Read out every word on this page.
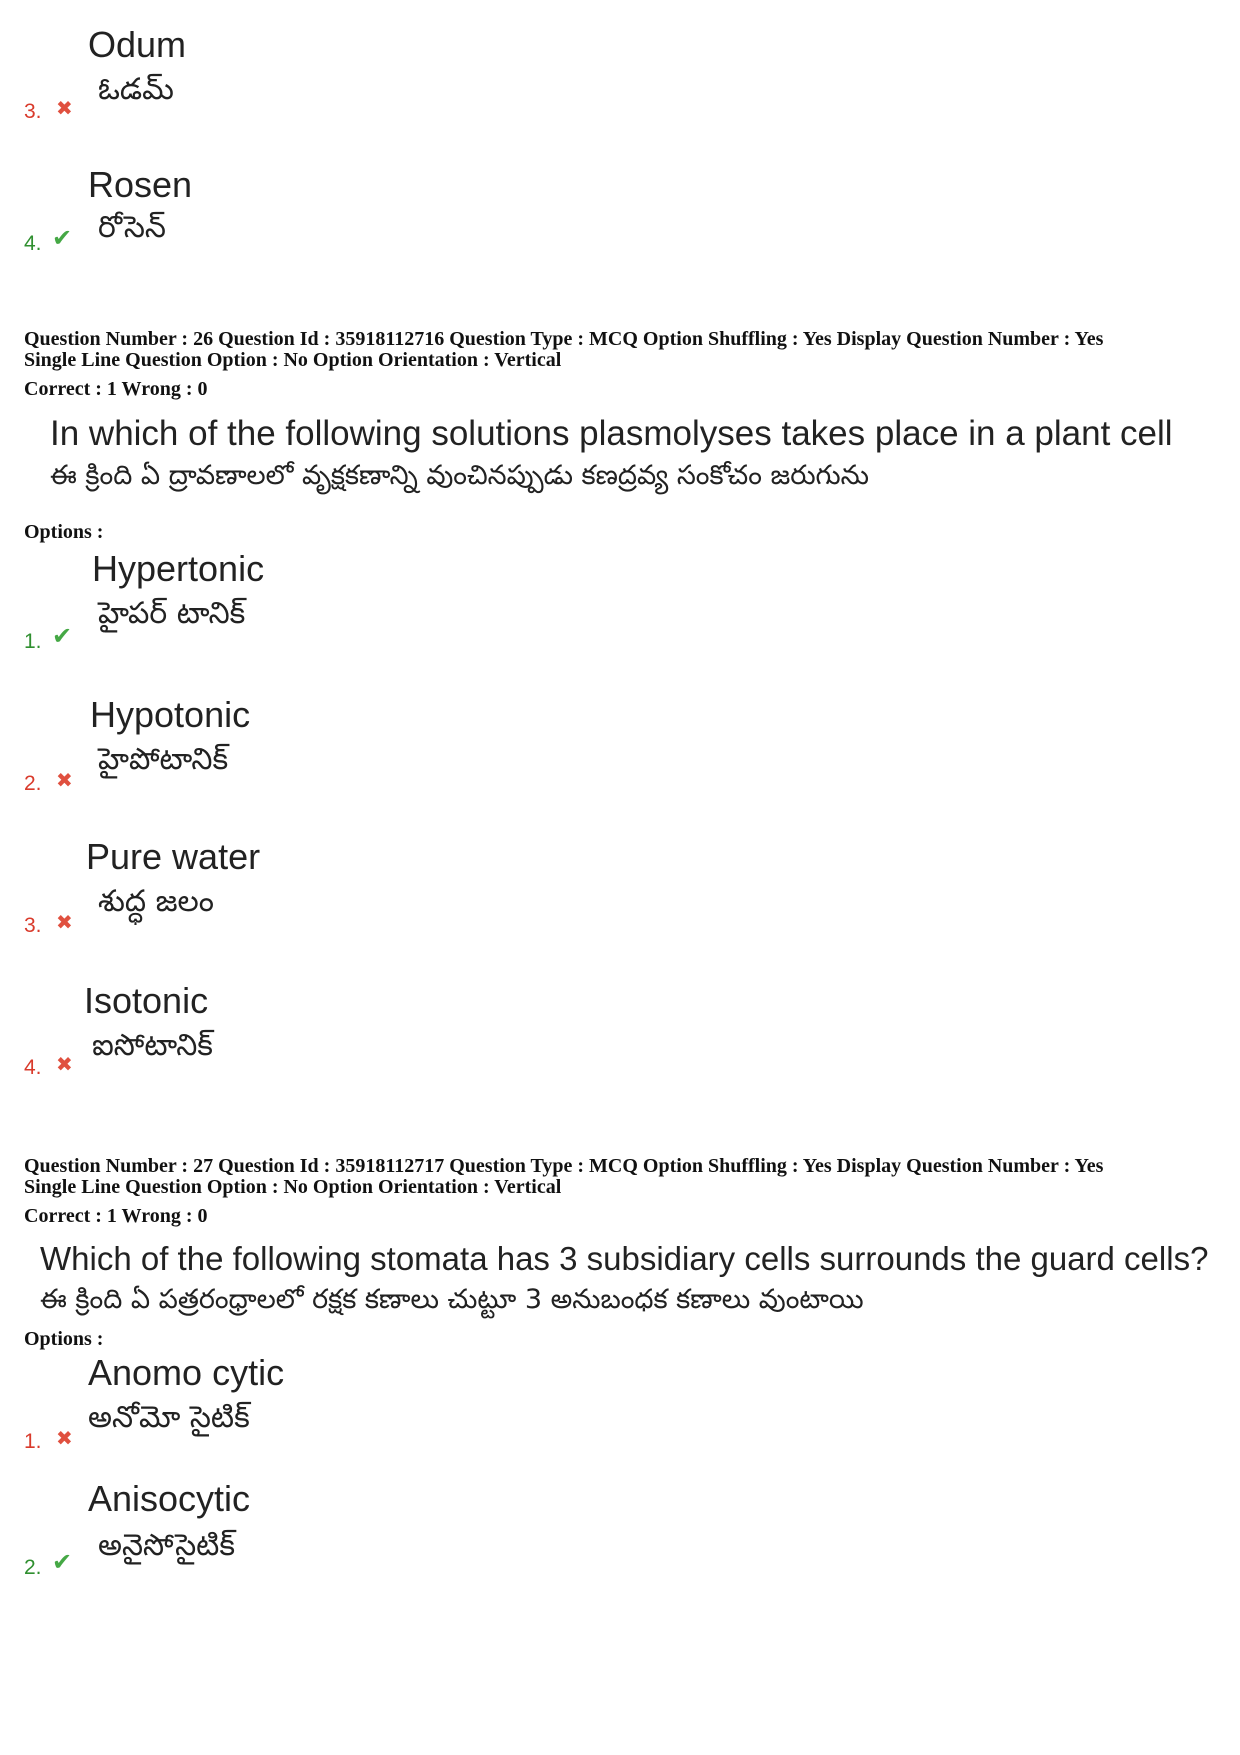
Odum
ఓడమ్
3. ✖
Rosen
రోసెన్
4. ✔
Question Number : 26 Question Id : 35918112716 Question Type : MCQ Option Shuffling : Yes Display Question Number : Yes
Single Line Question Option : No Option Orientation : Vertical
Correct : 1 Wrong : 0
In which of the following solutions plasmolyses takes place in a plant cell
ఈ క్రింది ఏ ద్రావణాలలో వృక్షకణాన్ని వుంచినప్పుడు కణద్రవ్య సంకోచం జరుగును
Options :
Hypertonic
హైపర్ టానిక్
1. ✔
Hypotonic
హైపోటానిక్
2. ✖
Pure water
శుద్ధ జలం
3. ✖
Isotonic
ఐసోటానిక్
4. ✖
Question Number : 27 Question Id : 35918112717 Question Type : MCQ Option Shuffling : Yes Display Question Number : Yes
Single Line Question Option : No Option Orientation : Vertical
Correct : 1 Wrong : 0
Which of the following stomata has 3 subsidiary cells surrounds the guard cells?
ఈ క్రింది ఏ పత్రరంధ్రాలలో రక్షక కణాలు చుట్టూ 3 అనుబంధక కణాలు వుంటాయి
Options :
Anomo cytic
అనోమో సైటిక్
1. ✖
Anisocytic
అనైసోసైటిక్
2. ✔
